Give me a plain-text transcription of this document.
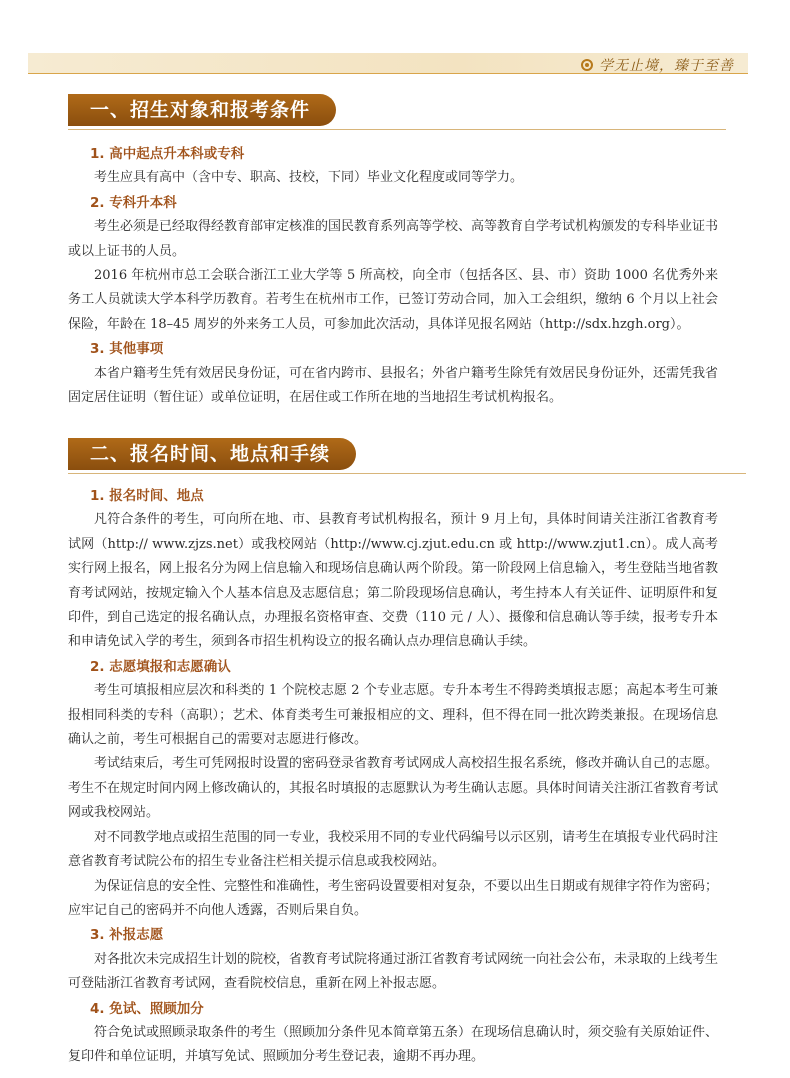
学无止境，臻于至善
一、招生对象和报考条件
1. 高中起点升本科或专科

考生应具有高中（含中专、职高、技校，下同）毕业文化程度或同等学力。

2. 专科升本科

考生必须是已经取得经教育部审定核准的国民教育系列高等学校、高等教育自学考试机构颁发的专科毕业证书或以上证书的人员。

2016 年杭州市总工会联合浙江工业大学等 5 所高校，向全市（包括各区、县、市）资助 1000 名优秀外来务工人员就读大学本科学历教育。若考生在杭州市工作，已签订劳动合同，加入工会组织，缴纳 6 个月以上社会保险，年龄在 18–45 周岁的外来务工人员，可参加此次活动，具体详见报名网站（http://sdx.hzgh.org）。

3. 其他事项

本省户籍考生凭有效居民身份证，可在省内跨市、县报名；外省户籍考生除凭有效居民身份证外，还需凭我省固定居住证明（暂住证）或单位证明，在居住或工作所在地的当地招生考试机构报名。

二、报名时间、地点和手续
1. 报名时间、地点

凡符合条件的考生，可向所在地、市、县教育考试机构报名，预计 9 月上旬，具体时间请关注浙江省教育考试网（http:// www.zjzs.net）或我校网站（http://www.cj.zjut.edu.cn 或 http://www.zjut1.cn）。成人高考实行网上报名，网上报名分为网上信息输入和现场信息确认两个阶段。第一阶段网上信息输入，考生登陆当地省教育考试网站，按规定输入个人基本信息及志愿信息；第二阶段现场信息确认，考生持本人有关证件、证明原件和复印件，到自己选定的报名确认点，办理报名资格审查、交费（110 元 / 人）、摄像和信息确认等手续，报考专升本和申请免试入学的考生，须到各市招生机构设立的报名确认点办理信息确认手续。

2. 志愿填报和志愿确认

考生可填报相应层次和科类的 1 个院校志愿 2 个专业志愿。专升本考生不得跨类填报志愿；高起本考生可兼报相同科类的专科（高职）；艺术、体育类考生可兼报相应的文、理科，但不得在同一批次跨类兼报。在现场信息确认之前，考生可根据自己的需要对志愿进行修改。

考试结束后，考生可凭网报时设置的密码登录省教育考试网成人高校招生报名系统，修改并确认自己的志愿。考生不在规定时间内网上修改确认的，其报名时填报的志愿默认为考生确认志愿。具体时间请关注浙江省教育考试网或我校网站。

对不同教学地点或招生范围的同一专业，我校采用不同的专业代码编号以示区别，请考生在填报专业代码时注意省教育考试院公布的招生专业备注栏相关提示信息或我校网站。

为保证信息的安全性、完整性和准确性，考生密码设置要相对复杂，不要以出生日期或有规律字符作为密码；应牢记自己的密码并不向他人透露，否则后果自负。

3. 补报志愿

对各批次未完成招生计划的院校，省教育考试院将通过浙江省教育考试网统一向社会公布，未录取的上线考生可登陆浙江省教育考试网，查看院校信息，重新在网上补报志愿。

4. 免试、照顾加分

符合免试或照顾录取条件的考生（照顾加分条件见本简章第五条）在现场信息确认时，须交验有关原始证件、复印件和单位证明，并填写免试、照顾加分考生登记表，逾期不再办理。
